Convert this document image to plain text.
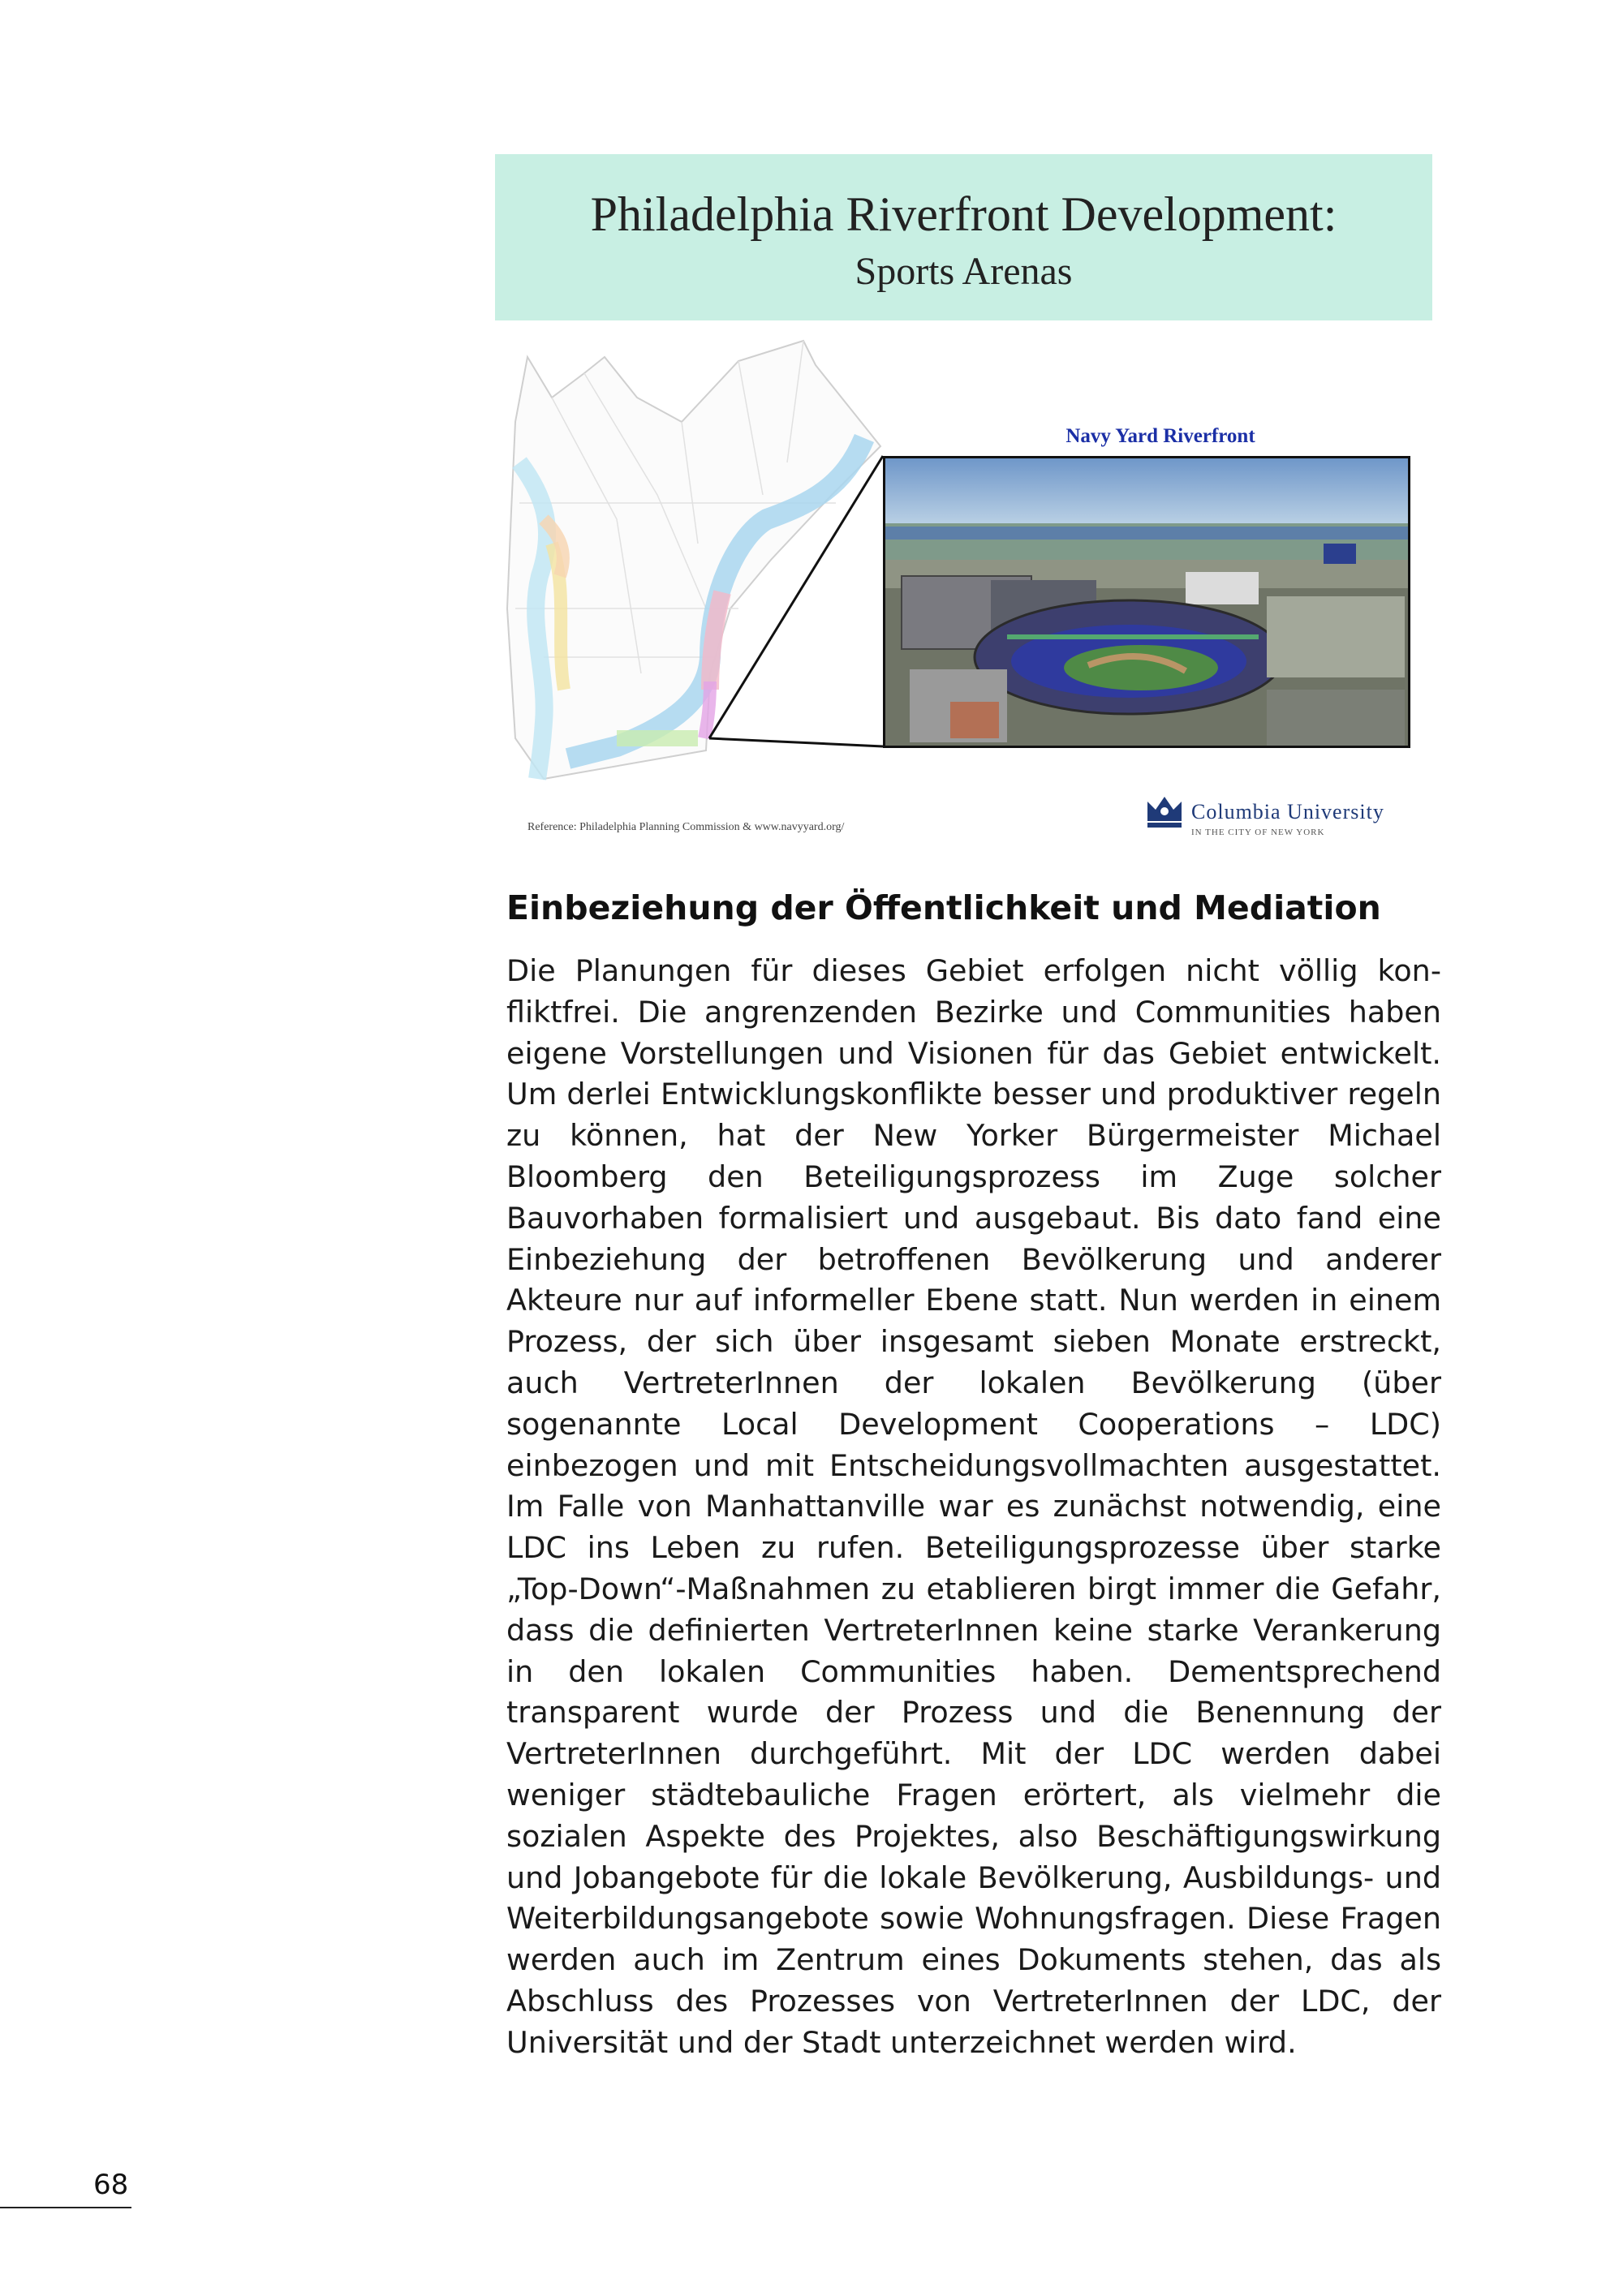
Philadelphia Riverfront Development:
Sports Arenas
Navy Yard Riverfront
Reference: Philadelphia Planning Commission & www.navyyard.org/
Columbia University
IN THE CITY OF NEW YORK
Einbeziehung der Öffentlichkeit und Mediation
Die Planungen für dieses Gebiet erfolgen nicht völlig konfliktfrei. Die angrenzenden Bezirke und Communities haben eigene Vorstellungen und Visionen für das Gebiet entwickelt. Um derlei Entwicklungskonflikte besser und produktiver regeln zu können, hat der New Yorker Bürgermeister Michael Bloomberg den Beteiligungsprozess im Zuge solcher Bauvorhaben formalisiert und ausgebaut. Bis dato fand eine Einbeziehung der betroffenen Bevölkerung und anderer Akteure nur auf informeller Ebene statt. Nun werden in einem Prozess, der sich über insgesamt sieben Monate erstreckt, auch VertreterInnen der lokalen Bevölkerung (über sogenannte Local Development Cooperations – LDC) einbezogen und mit Entscheidungsvollmachten ausgestattet. Im Falle von Manhattanville war es zunächst notwendig, eine LDC ins Leben zu rufen. Beteiligungsprozesse über starke „Top-Down“-Maßnahmen zu etablieren birgt immer die Gefahr, dass die definierten VertreterInnen keine starke Verankerung in den lokalen Communities haben. Dementsprechend transparent wurde der Prozess und die Benennung der VertreterInnen durchgeführt. Mit der LDC werden dabei weniger städtebauliche Fragen erörtert, als vielmehr die sozialen Aspekte des Projektes, also Beschäftigungswirkung und Jobangebote für die lokale Bevölkerung, Ausbildungs- und Weiterbildungsangebote sowie Wohnungsfragen. Diese Fragen werden auch im Zentrum eines Dokuments stehen, das als Abschluss des Prozesses von VertreterInnen der LDC, der Universität und der Stadt unterzeichnet werden wird.
68
